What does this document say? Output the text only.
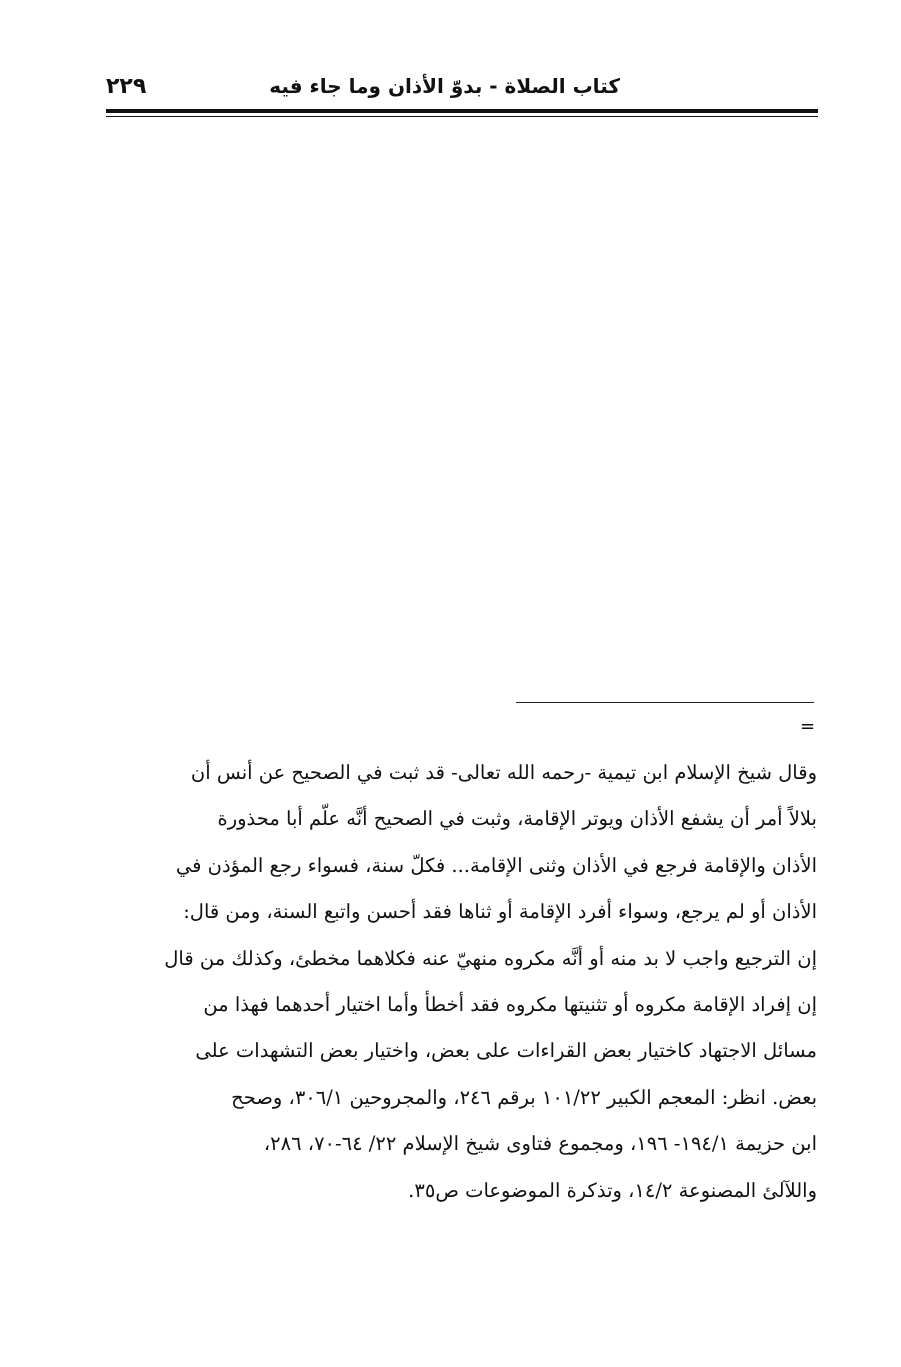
٢٢٩	كتاب الصلاة - بدوّ الأذان وما جاء فيه
=
وقال شيخ الإسلام ابن تيمية -رحمه الله تعالى- قد ثبت في الصحيح عن أنس أن
بلالاً أمر أن يشفع الأذان ويوتر الإقامة، وثبت في الصحيح أنَّه علّم أبا محذورة
الأذان والإقامة فرجع في الأذان وثنى الإقامة... فكلّ سنة، فسواء رجع المؤذن في
الأذان أو لم يرجع، وسواء أفرد الإقامة أو ثناها فقد أحسن واتبع السنة، ومن قال:
إن الترجيع واجب لا بد منه أو أنَّه مكروه منهيّ عنه فكلاهما مخطئ، وكذلك من قال
إن إفراد الإقامة مكروه أو تثنيتها مكروه فقد أخطأ وأما اختيار أحدهما فهذا من
مسائل الاجتهاد كاختيار بعض القراءات على بعض، واختيار بعض التشهدات على
بعض. انظر: المعجم الكبير ١٠١/٢٢ برقم ٢٤٦، والمجروحين ٣٠٦/١، وصحح
ابن حزيمة ١٩٤/١- ١٩٦، ومجموع فتاوى شيخ الإسلام ٢٢/ ٦٤-٧٠، ٢٨٦،
واللآلئ المصنوعة ١٤/٢، وتذكرة الموضوعات ص٣٥.
